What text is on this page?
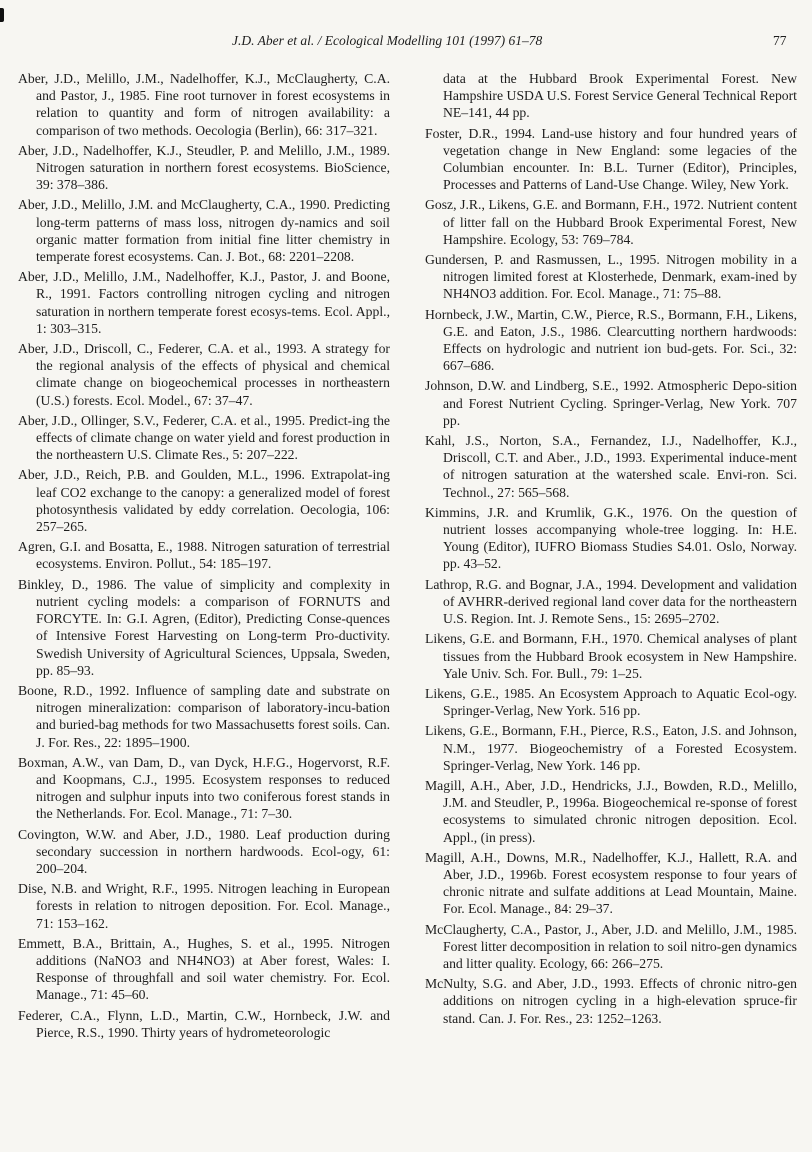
J.D. Aber et al. / Ecological Modelling 101 (1997) 61–78	77

Aber, J.D., Melillo, J.M., Nadelhoffer, K.J., McClaugherty, C.A. and Pastor, J., 1985. Fine root turnover in forest ecosystems in relation to quantity and form of nitrogen availability: a comparison of two methods. Oecologia (Berlin), 66: 317–321.

Aber, J.D., Nadelhoffer, K.J., Steudler, P. and Melillo, J.M., 1989. Nitrogen saturation in northern forest ecosystems. BioScience, 39: 378–386.

Aber, J.D., Melillo, J.M. and McClaugherty, C.A., 1990. Predicting long-term patterns of mass loss, nitrogen dy-namics and soil organic matter formation from initial fine litter chemistry in temperate forest ecosystems. Can. J. Bot., 68: 2201–2208.

Aber, J.D., Melillo, J.M., Nadelhoffer, K.J., Pastor, J. and Boone, R., 1991. Factors controlling nitrogen cycling and nitrogen saturation in northern temperate forest ecosys-tems. Ecol. Appl., 1: 303–315.

Aber, J.D., Driscoll, C., Federer, C.A. et al., 1993. A strategy for the regional analysis of the effects of physical and chemical climate change on biogeochemical processes in northeastern (U.S.) forests. Ecol. Model., 67: 37–47.

Aber, J.D., Ollinger, S.V., Federer, C.A. et al., 1995. Predict-ing the effects of climate change on water yield and forest production in the northeastern U.S. Climate Res., 5: 207–222.

Aber, J.D., Reich, P.B. and Goulden, M.L., 1996. Extrapolat-ing leaf CO2 exchange to the canopy: a generalized model of forest photosynthesis validated by eddy correlation. Oecologia, 106: 257–265.

Agren, G.I. and Bosatta, E., 1988. Nitrogen saturation of terrestrial ecosystems. Environ. Pollut., 54: 185–197.

Binkley, D., 1986. The value of simplicity and complexity in nutrient cycling models: a comparison of FORNUTS and FORCYTE. In: G.I. Agren, (Editor), Predicting Conse-quences of Intensive Forest Harvesting on Long-term Pro-ductivity. Swedish University of Agricultural Sciences, Uppsala, Sweden, pp. 85–93.

Boone, R.D., 1992. Influence of sampling date and substrate on nitrogen mineralization: comparison of laboratory-incu-bation and buried-bag methods for two Massachusetts forest soils. Can. J. For. Res., 22: 1895–1900.

Boxman, A.W., van Dam, D., van Dyck, H.F.G., Hogervorst, R.F. and Koopmans, C.J., 1995. Ecosystem responses to reduced nitrogen and sulphur inputs into two coniferous forest stands in the Netherlands. For. Ecol. Manage., 71: 7–30.

Covington, W.W. and Aber, J.D., 1980. Leaf production during secondary succession in northern hardwoods. Ecol-ogy, 61: 200–204.

Dise, N.B. and Wright, R.F., 1995. Nitrogen leaching in European forests in relation to nitrogen deposition. For. Ecol. Manage., 71: 153–162.

Emmett, B.A., Brittain, A., Hughes, S. et al., 1995. Nitrogen additions (NaNO3 and NH4NO3) at Aber forest, Wales: I. Response of throughfall and soil water chemistry. For. Ecol. Manage., 71: 45–60.

Federer, C.A., Flynn, L.D., Martin, C.W., Hornbeck, J.W. and Pierce, R.S., 1990. Thirty years of hydrometeorologic

data at the Hubbard Brook Experimental Forest. New Hampshire USDA U.S. Forest Service General Technical Report NE–141, 44 pp.

Foster, D.R., 1994. Land-use history and four hundred years of vegetation change in New England: some legacies of the Columbian encounter. In: B.L. Turner (Editor), Principles, Processes and Patterns of Land-Use Change. Wiley, New York.

Gosz, J.R., Likens, G.E. and Bormann, F.H., 1972. Nutrient content of litter fall on the Hubbard Brook Experimental Forest, New Hampshire. Ecology, 53: 769–784.

Gundersen, P. and Rasmussen, L., 1995. Nitrogen mobility in a nitrogen limited forest at Klosterhede, Denmark, exam-ined by NH4NO3 addition. For. Ecol. Manage., 71: 75–88.

Hornbeck, J.W., Martin, C.W., Pierce, R.S., Bormann, F.H., Likens, G.E. and Eaton, J.S., 1986. Clearcutting northern hardwoods: Effects on hydrologic and nutrient ion bud-gets. For. Sci., 32: 667–686.

Johnson, D.W. and Lindberg, S.E., 1992. Atmospheric Depo-sition and Forest Nutrient Cycling. Springer-Verlag, New York. 707 pp.

Kahl, J.S., Norton, S.A., Fernandez, I.J., Nadelhoffer, K.J., Driscoll, C.T. and Aber., J.D., 1993. Experimental induce-ment of nitrogen saturation at the watershed scale. Envi-ron. Sci. Technol., 27: 565–568.

Kimmins, J.R. and Krumlik, G.K., 1976. On the question of nutrient losses accompanying whole-tree logging. In: H.E. Young (Editor), IUFRO Biomass Studies S4.01. Oslo, Norway. pp. 43–52.

Lathrop, R.G. and Bognar, J.A., 1994. Development and validation of AVHRR-derived regional land cover data for the northeastern U.S. Region. Int. J. Remote Sens., 15: 2695–2702.

Likens, G.E. and Bormann, F.H., 1970. Chemical analyses of plant tissues from the Hubbard Brook ecosystem in New Hampshire. Yale Univ. Sch. For. Bull., 79: 1–25.

Likens, G.E., 1985. An Ecosystem Approach to Aquatic Ecol-ogy. Springer-Verlag, New York. 516 pp.

Likens, G.E., Bormann, F.H., Pierce, R.S., Eaton, J.S. and Johnson, N.M., 1977. Biogeochemistry of a Forested Ecosystem. Springer-Verlag, New York. 146 pp.

Magill, A.H., Aber, J.D., Hendricks, J.J., Bowden, R.D., Melillo, J.M. and Steudler, P., 1996a. Biogeochemical re-sponse of forest ecosystems to simulated chronic nitrogen deposition. Ecol. Appl., (in press).

Magill, A.H., Downs, M.R., Nadelhoffer, K.J., Hallett, R.A. and Aber, J.D., 1996b. Forest ecosystem response to four years of chronic nitrate and sulfate additions at Lead Mountain, Maine. For. Ecol. Manage., 84: 29–37.

McClaugherty, C.A., Pastor, J., Aber, J.D. and Melillo, J.M., 1985. Forest litter decomposition in relation to soil nitro-gen dynamics and litter quality. Ecology, 66: 266–275.

McNulty, S.G. and Aber, J.D., 1993. Effects of chronic nitro-gen additions on nitrogen cycling in a high-elevation spruce-fir stand. Can. J. For. Res., 23: 1252–1263.
